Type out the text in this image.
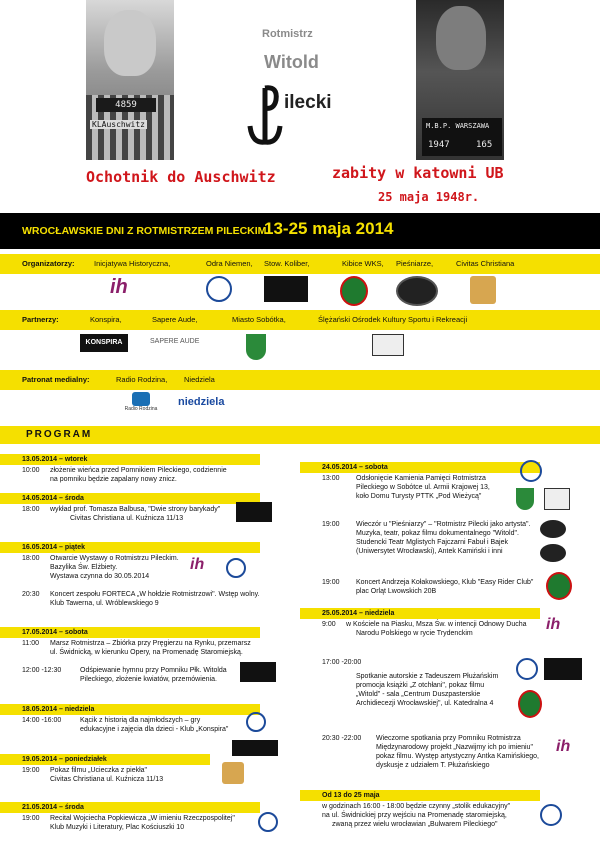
4859
KLAuschwitz	M.B.P. WARSZAWA
1947	165
Rotmistrz
Witold
ilecki
Ochotnik do Auschwitz	zabity w katowni UB
25 maja 1948r.
WROCŁAWSKIE DNI Z ROTMISTRZEM PILECKIM
13-25 maja 2014
Organizatorzy:	Inicjatywa Historyczna,	Odra Niemen, Stow. Koliber,	Kibice WKS, Pieśniarze,	Civitas Christiana
ih
Partnerzy:	Konspira,	Sapere Aude,	Miasto Sobótka,	Ślężański Ośrodek Kultury Sportu i Rekreacji
KONSPIRA	SAPERE AUDE
Patronat medialny:	Radio Rodzina, Niedziela
Radio Rodzina
niedziela
PROGRAM
13.05.2014 – wtorek
10:00 złożenie wieńca przed Pomnikiem Pileckiego, codziennie
na pomniku będzie zapalany nowy znicz.
14.05.2014 – środa
18:00 wykład prof. Tomasza Balbusa, "Dwie strony barykady"
Civitas Christiana ul. Kuźnicza 11/13
16.05.2014 – piątek
18:00 Otwarcie Wystawy o Rotmistrzu Pileckim.
Bazylika Św. Elżbiety.
Wystawa czynna do 30.05.2014
ih
20:30 Koncert zespołu FORTECA „W hołdzie Rotmistrzowi". Wstęp wolny.
Klub Tawerna, ul. Wróblewskiego 9
17.05.2014 – sobota
11:00 Marsz Rotmistrza – Zbiórka przy Pręgierzu na Rynku, przemarsz
ul. Świdnicką, w kierunku Opery, na Promenadę Staromiejską.
12:00 -12:30	Odśpiewanie hymnu przy Pomniku Płk. Witolda
Pileckiego, złożenie kwiatów, przemówienia.
18.05.2014 – niedziela
14:00 -16:00	Kącik z historią dla najmłodszych – gry
edukacyjne i zajęcia dla dzieci - Klub „Konspira"
19.05.2014 – poniedziałek
19:00 Pokaz filmu „Ucieczka z piekła"
Civitas Christiana ul. Kuźnicza 11/13
21.05.2014 – środa
19:00 Recital Wojciecha Popkiewicza „W imieniu Rzeczpospolitej"
Klub Muzyki i Literatury, Plac Kościuszki 10
24.05.2014 – sobota
13:00 Odsłonięcie Kamienia Pamięci Rotmistrza
Pileckiego w Sobótce ul. Armii Krajowej 13,
koło Domu Turysty PTTK „Pod Wieżycą"
19:00 Wieczór u "Pieśniarzy" – "Rotmistrz Pilecki jako artysta".
Muzyka, teatr, pokaz filmu dokumentalnego "Witold".
Studencki Teatr Mglistych Fajczarni Fabuł i Bajek
(Uniwersytet Wrocławski), Antek Kamiński i inni
19:00 Koncert Andrzeja Kołakowskiego, Klub "Easy Rider Club"
plac Orląt Lwowskich 20B
25.05.2014 – niedziela
9:00 w Kościele na Piasku, Msza Św. w intencji Odnowy Ducha
Narodu Polskiego w rycie Trydenckim
ih
17:00 -20:00
Spotkanie autorskie z Tadeuszem Płużańskim
promocja książki „Z otchłani", pokaz filmu
„Witold" - sala „Centrum Duszpasterskie
Archidiecezji Wrocławskiej", ul. Katedralna 4
20:30 -22:00 Wieczorne spotkania przy Pomniku Rotmistrza
Międzynarodowy projekt „Nazwijmy ich po imieniu"
pokaz filmu. Występ artystyczny Antka Kamińskiego,
dyskusje z udziałem T. Płużańskiego
ih
Od 13 do 25 maja
w godzinach 16:00 - 18:00 będzie czynny „stolik edukacyjny"
na ul. Świdnickiej przy wejściu na Promenadę staromiejską,
zwaną przez wielu wrocławian „Bulwarem Pileckiego"
